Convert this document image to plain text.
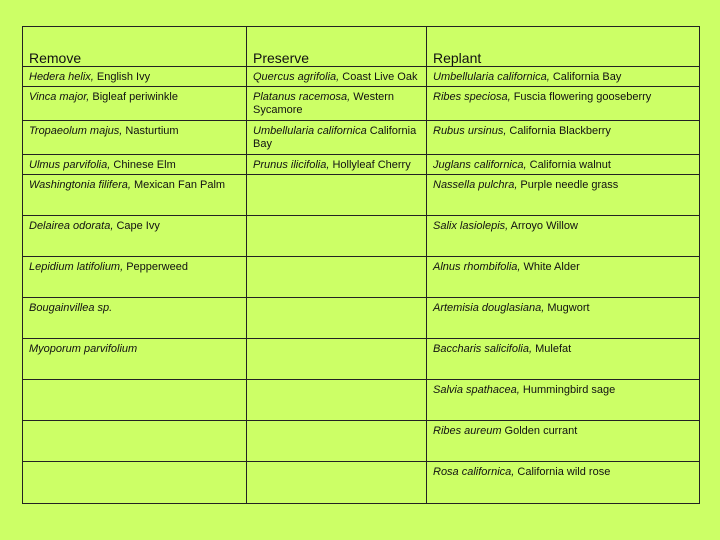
Remove	Preserve	Replant
Hedera helix, English Ivy	Quercus agrifolia, Coast Live Oak	Umbellularia californica, California Bay
Vinca major, Bigleaf periwinkle	Platanus racemosa, Western Sycamore	Ribes speciosa, Fuscia flowering gooseberry
Tropaeolum majus, Nasturtium	Umbellularia californica California Bay	Rubus ursinus, California Blackberry
Ulmus parvifolia, Chinese Elm	Prunus ilicifolia, Hollyleaf Cherry	Juglans californica, California walnut
Washingtonia filifera, Mexican Fan Palm		Nassella pulchra, Purple needle grass
Delairea odorata, Cape Ivy		Salix lasiolepis, Arroyo Willow
Lepidium latifolium, Pepperweed		Alnus rhombifolia, White Alder
Bougainvillea sp.		Artemisia douglasiana, Mugwort
Myoporum parvifolium		Baccharis salicifolia, Mulefat
		Salvia spathacea, Hummingbird sage
		Ribes aureum Golden currant
		Rosa californica, California wild rose
